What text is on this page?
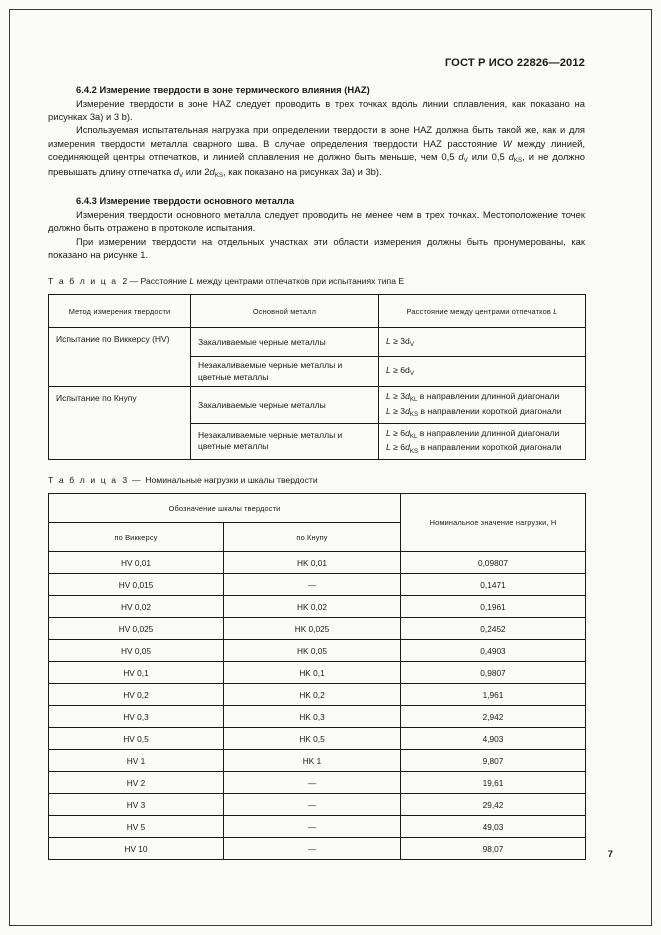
ГОСТ Р ИСО 22826—2012
6.4.2 Измерение твердости в зоне термического влияния (HAZ)

Измерение твердости в зоне HAZ следует проводить в трех точках вдоль линии сплавления, как показано на рисунках 3a) и 3 b).

Используемая испытательная нагрузка при определении твердости в зоне HAZ должна быть такой же, как и для измерения твердости металла сварного шва. В случае определения твердости HAZ расстояние W между линией, соединяющей центры отпечатков, и линией сплавления не должно быть меньше, чем 0,5 $d_V$ или 0,5 $d_{KS}$, и не должно превышать длину отпечатка $d_V$ или $2d_{KS}$, как показано на рисунках 3a) и 3b).

6.4.3 Измерение твердости основного металла

Измерения твердости основного металла следует проводить не менее чем в трех точках. Местоположение точек должно быть отражено в протоколе испытания.

При измерении твердости на отдельных участках эти области измерения должны быть пронумерованы, как показано на рисунке 1.

Т а б л и ц а 2 — Расстояние L между центрами отпечатков при испытаниях типа E

Метод измерения твердости	Основной металл	Расстояние между центрами отпечатков L
Испытание по Виккерсу (HV)	Закаливаемые черные металлы	$L \ge 3d_V$
	Незакаливаемые черные металлы и цветные металлы	$L \ge 6d_V$
Испытание по Кнупу	Закаливаемые черные металлы	$L \ge 3d_{KL}$ в направлении длинной диагонали
$L \ge 3d_{KS}$ в направлении короткой диагонали
	Незакаливаемые черные металлы и цветные металлы	$L \ge 6d_{KL}$ в направлении длинной диагонали
$L \ge 6d_{KS}$ в направлении короткой диагонали

Т а б л и ц а 3 — Номинальные нагрузки и шкалы твердости

Обозначение шкалы твердости		Номинальное значение нагрузки, Н
по Виккерсу	по Кнупу	
HV 0,01	HK 0,01	0,09807
HV 0,015	—	0,1471
HV 0,02	HK 0,02	0,1961
HV 0,025	HK 0,025	0,2452
HV 0,05	HK 0,05	0,4903
HV 0,1	HK 0,1	0,9807
HV 0,2	HK 0,2	1,961
HV 0,3	HK 0,3	2,942
HV 0,5	HK 0,5	4,903
HV 1	HK 1	9,807
HV 2	—	19,61
HV 3	—	29,42
HV 5	—	49,03
HV 10	—	98,07
7
